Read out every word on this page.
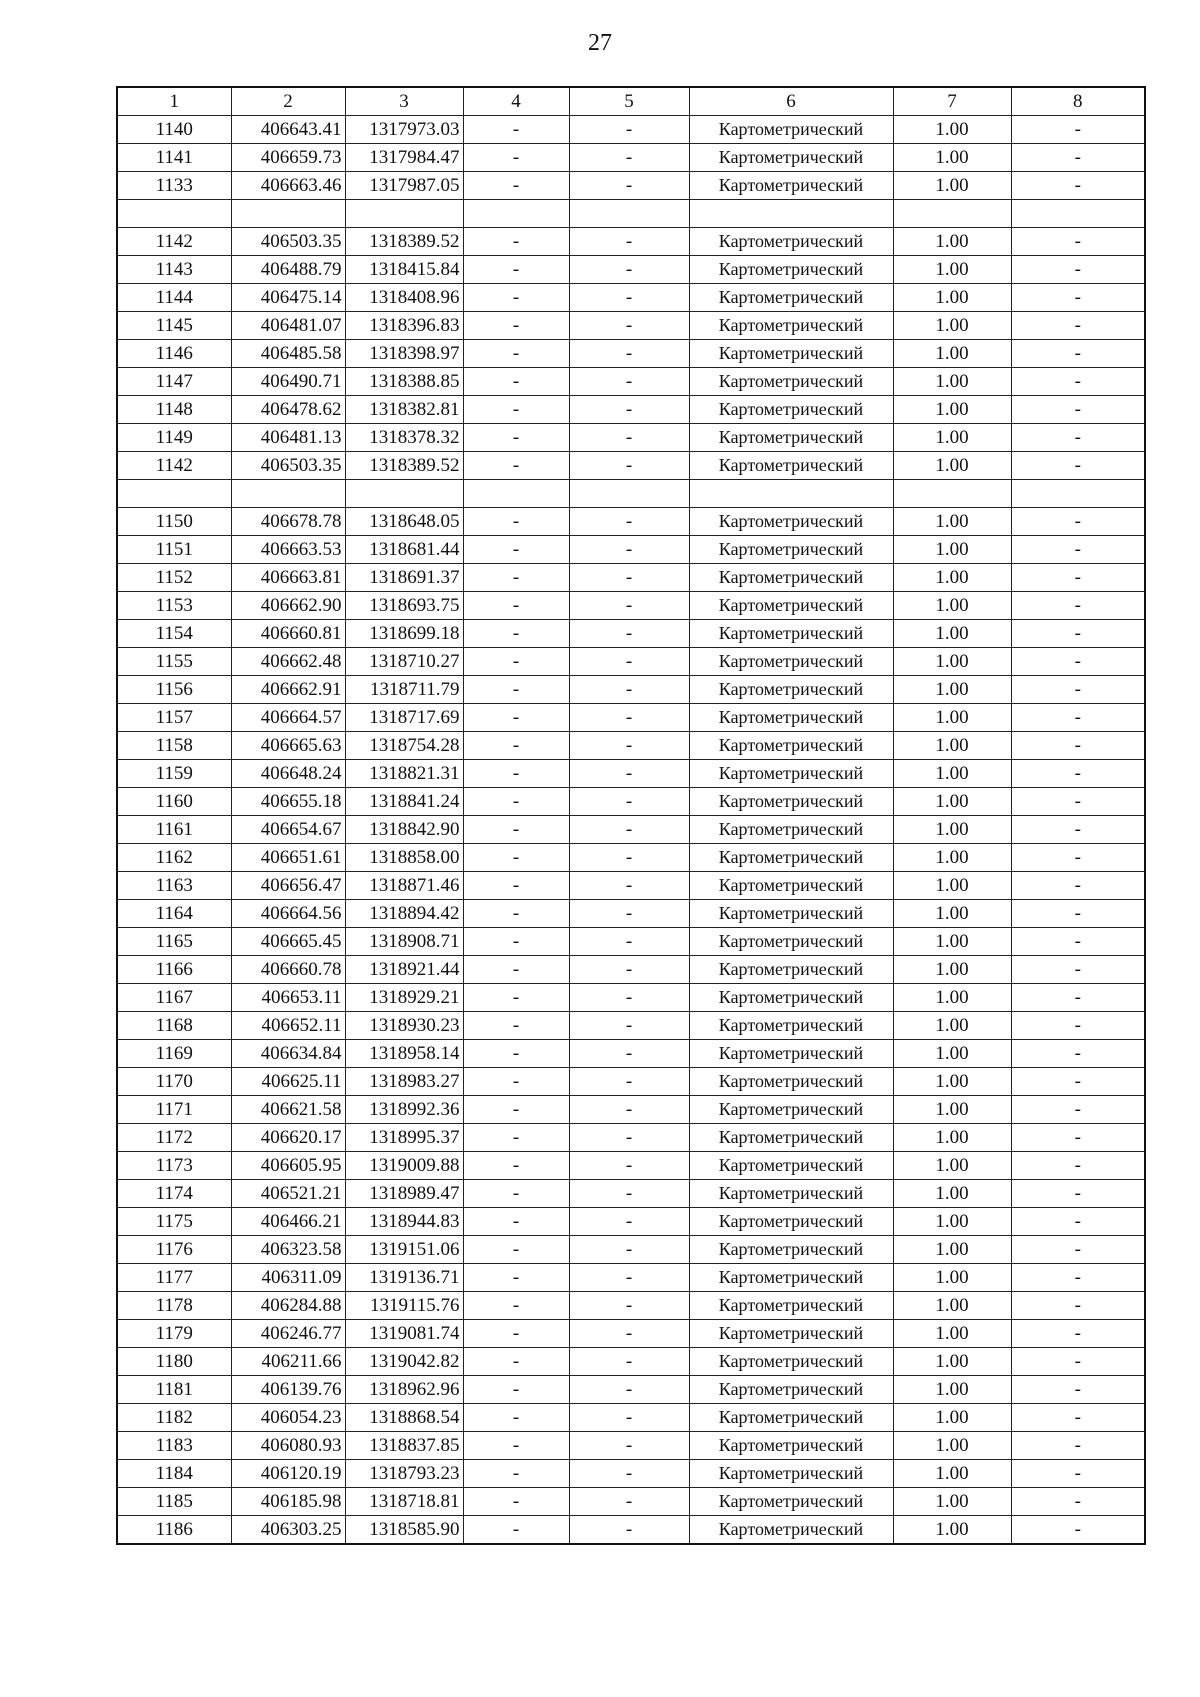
27
1	2	3	4	5	6	7	8
1140	406643.41	1317973.03	-	-	Картометрический	1.00	-
1141	406659.73	1317984.47	-	-	Картометрический	1.00	-
1133	406663.46	1317987.05	-	-	Картометрический	1.00	-

1142	406503.35	1318389.52	-	-	Картометрический	1.00	-
1143	406488.79	1318415.84	-	-	Картометрический	1.00	-
1144	406475.14	1318408.96	-	-	Картометрический	1.00	-
1145	406481.07	1318396.83	-	-	Картометрический	1.00	-
1146	406485.58	1318398.97	-	-	Картометрический	1.00	-
1147	406490.71	1318388.85	-	-	Картометрический	1.00	-
1148	406478.62	1318382.81	-	-	Картометрический	1.00	-
1149	406481.13	1318378.32	-	-	Картометрический	1.00	-
1142	406503.35	1318389.52	-	-	Картометрический	1.00	-

1150	406678.78	1318648.05	-	-	Картометрический	1.00	-
1151	406663.53	1318681.44	-	-	Картометрический	1.00	-
1152	406663.81	1318691.37	-	-	Картометрический	1.00	-
1153	406662.90	1318693.75	-	-	Картометрический	1.00	-
1154	406660.81	1318699.18	-	-	Картометрический	1.00	-
1155	406662.48	1318710.27	-	-	Картометрический	1.00	-
1156	406662.91	1318711.79	-	-	Картометрический	1.00	-
1157	406664.57	1318717.69	-	-	Картометрический	1.00	-
1158	406665.63	1318754.28	-	-	Картометрический	1.00	-
1159	406648.24	1318821.31	-	-	Картометрический	1.00	-
1160	406655.18	1318841.24	-	-	Картометрический	1.00	-
1161	406654.67	1318842.90	-	-	Картометрический	1.00	-
1162	406651.61	1318858.00	-	-	Картометрический	1.00	-
1163	406656.47	1318871.46	-	-	Картометрический	1.00	-
1164	406664.56	1318894.42	-	-	Картометрический	1.00	-
1165	406665.45	1318908.71	-	-	Картометрический	1.00	-
1166	406660.78	1318921.44	-	-	Картометрический	1.00	-
1167	406653.11	1318929.21	-	-	Картометрический	1.00	-
1168	406652.11	1318930.23	-	-	Картометрический	1.00	-
1169	406634.84	1318958.14	-	-	Картометрический	1.00	-
1170	406625.11	1318983.27	-	-	Картометрический	1.00	-
1171	406621.58	1318992.36	-	-	Картометрический	1.00	-
1172	406620.17	1318995.37	-	-	Картометрический	1.00	-
1173	406605.95	1319009.88	-	-	Картометрический	1.00	-
1174	406521.21	1318989.47	-	-	Картометрический	1.00	-
1175	406466.21	1318944.83	-	-	Картометрический	1.00	-
1176	406323.58	1319151.06	-	-	Картометрический	1.00	-
1177	406311.09	1319136.71	-	-	Картометрический	1.00	-
1178	406284.88	1319115.76	-	-	Картометрический	1.00	-
1179	406246.77	1319081.74	-	-	Картометрический	1.00	-
1180	406211.66	1319042.82	-	-	Картометрический	1.00	-
1181	406139.76	1318962.96	-	-	Картометрический	1.00	-
1182	406054.23	1318868.54	-	-	Картометрический	1.00	-
1183	406080.93	1318837.85	-	-	Картометрический	1.00	-
1184	406120.19	1318793.23	-	-	Картометрический	1.00	-
1185	406185.98	1318718.81	-	-	Картометрический	1.00	-
1186	406303.25	1318585.90	-	-	Картометрический	1.00	-
